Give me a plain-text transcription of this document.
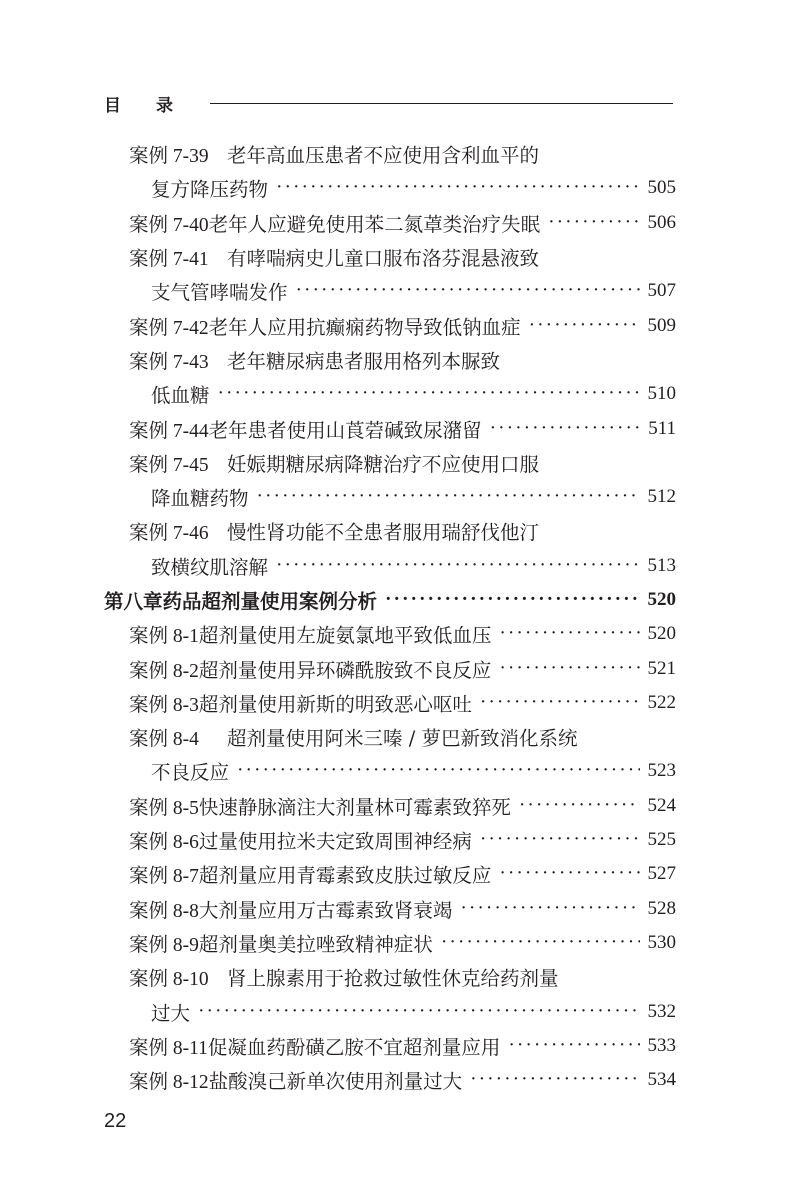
目录
案例 7-39 老年高血压患者不应使用含利血平的
复方降压药物 ·····	505
案例 7-40 老年人应避免使用苯二氮䓬类治疗失眠 ·····	506
案例 7-41 有哮喘病史儿童口服布洛芬混悬液致
支气管哮喘发作 ·····	507
案例 7-42 老年人应用抗癫痫药物导致低钠血症 ·····	509
案例 7-43 老年糖尿病患者服用格列本脲致
低血糖 ·····	510
案例 7-44 老年患者使用山莨菪碱致尿潴留 ·····	511
案例 7-45 妊娠期糖尿病降糖治疗不应使用口服
降血糖药物 ·····	512
案例 7-46 慢性肾功能不全患者服用瑞舒伐他汀
致横纹肌溶解 ·····	513
第八章 药品超剂量使用案例分析 ·····	520
案例 8-1 超剂量使用左旋氨氯地平致低血压 ·····	520
案例 8-2 超剂量使用异环磷酰胺致不良反应 ·····	521
案例 8-3 超剂量使用新斯的明致恶心呕吐 ·····	522
案例 8-4	超剂量使用阿米三嗪 / 萝巴新致消化系统
不良反应 ·····	523
案例 8-5 快速静脉滴注大剂量林可霉素致猝死 ·····	524
案例 8-6 过量使用拉米夫定致周围神经病 ·····	525
案例 8-7 超剂量应用青霉素致皮肤过敏反应 ·····	527
案例 8-8 大剂量应用万古霉素致肾衰竭 ·····	528
案例 8-9 超剂量奥美拉唑致精神症状 ·····	530
案例 8-10 肾上腺素用于抢救过敏性休克给药剂量
过大 ·····	532
案例 8-11 促凝血药酚磺乙胺不宜超剂量应用 ·····	533
案例 8-12 盐酸溴己新单次使用剂量过大 ·····	534
22
